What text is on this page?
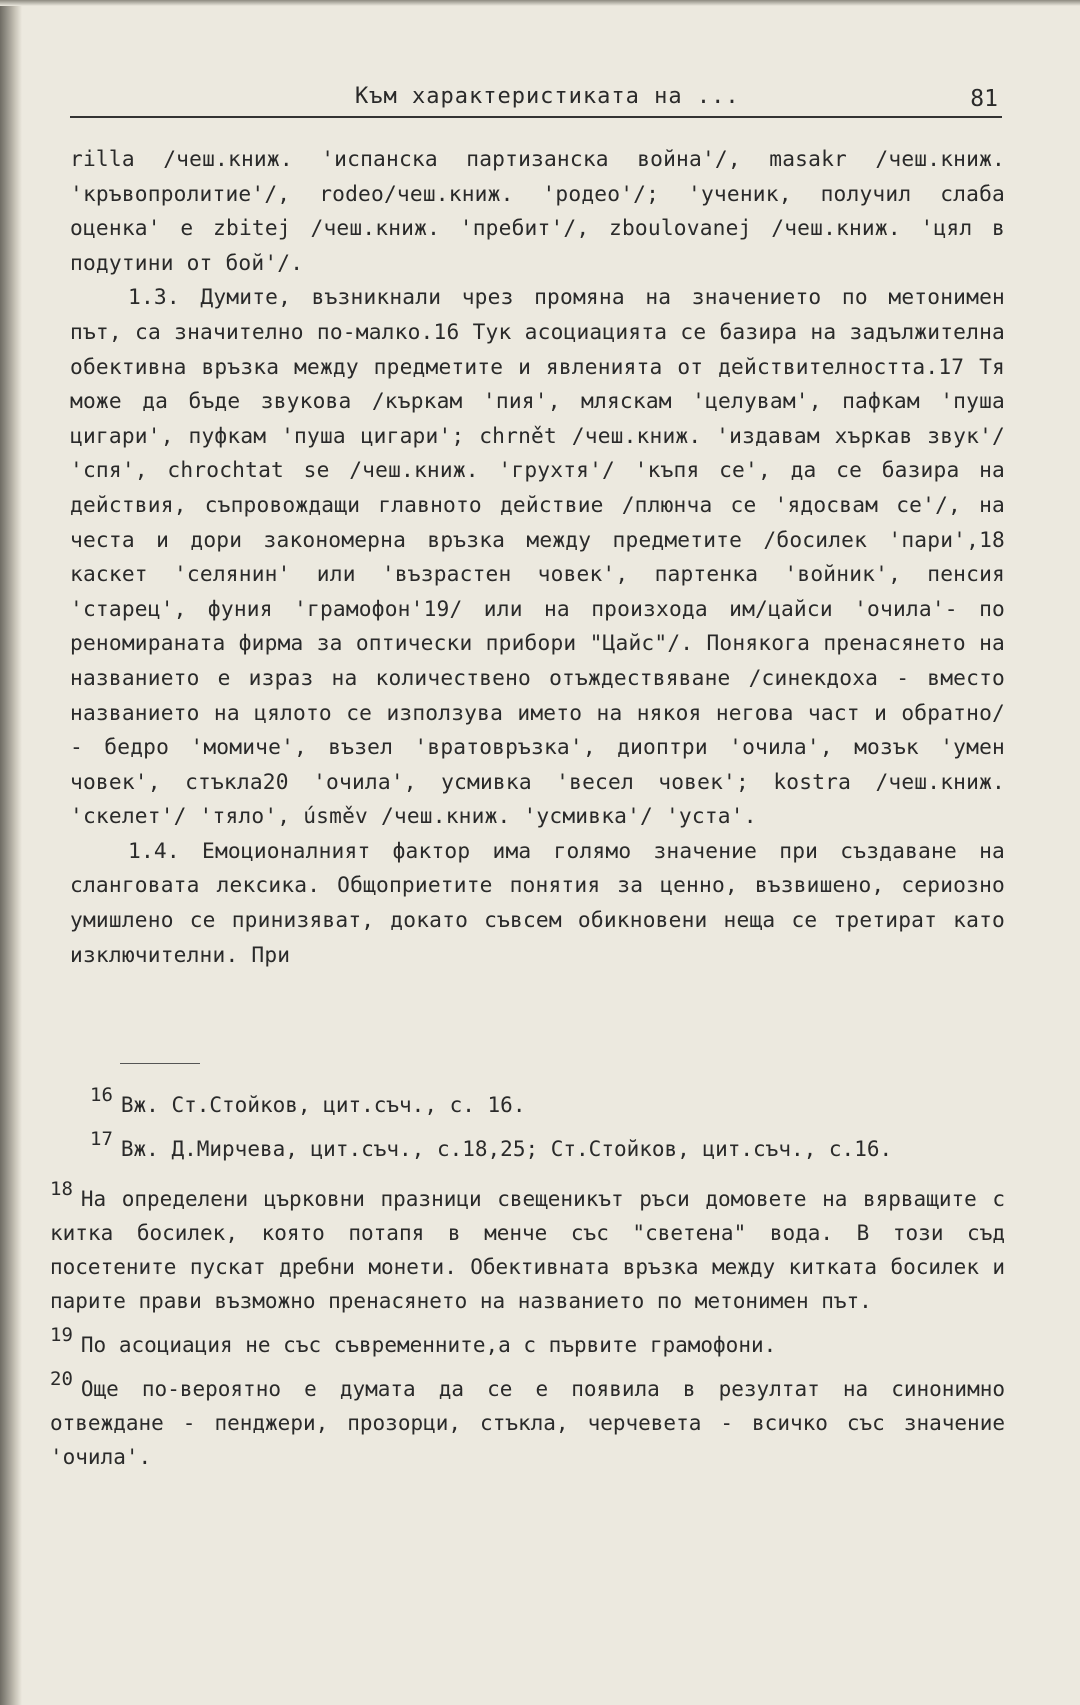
Към характеристиката на ...	81

rilla /чеш.книж. 'испанска партизанска война'/, masakr /чеш.книж. 'кръвопролитие'/, rodeo/чеш.книж. 'родео'/; 'ученик, получил слаба оценка' е zbitej /чеш.книж. 'пребит'/, zboulovanej /чеш.книж. 'цял в подутини от бой'/.

1.3. Думите, възникнали чрез промяна на значението по метонимен път, са значително по-малко.16 Тук асоциацията се базира на задължителна обективна връзка между предметите и явленията от действителността.17 Тя може да бъде звукова /къркам 'пия', мляскам 'целувам', пафкам 'пуша цигари', пуфкам 'пуша цигари'; chrnět /чеш.книж. 'издавам хъркав звук'/ 'спя', chrochtat se /чеш.книж. 'грухтя'/ 'къпя се', да се базира на действия, съпровождащи главното действие /плюнча се 'ядосвам се'/, на честа и дори закономерна връзка между предметите /босилек 'пари',18 каскет 'селянин' или 'възрастен човек', партенка 'войник', пенсия 'старец', фуния 'грамофон'19/ или на произхода им/цайси 'очила'- по реномираната фирма за оптически прибори "Цайс"/. Понякога пренасянето на названието е израз на количествено отъждествяване /синекдоха - вместо названието на цялото се използува името на някоя негова част и обратно/ - бедро 'момиче', възел 'вратовръзка', диоптри 'очила', мозък 'умен човек', стъкла20 'очила', усмивка 'весел човек'; kostra /чеш.книж. 'скелет'/ 'тяло', úsměv /чеш.книж. 'усмивка'/ 'уста'.

1.4. Емоционалният фактор има голямо значение при създаване на сланговата лексика. Общоприетите понятия за ценно, възвишено, сериозно умишлено се принизяват, докато съвсем обикновени неща се третират като изключителни. При

16 Вж. Ст.Стойков, цит.съч., с. 16.

17 Вж. Д.Мирчева, цит.съч., с.18,25; Ст.Стойков, цит.съч., с.16.

18 На определени църковни празници свещеникът ръси домовете на вярващите с китка босилек, която потапя в менче със "светена" вода. В този съд посетените пускат дребни монети. Обективната връзка между китката босилек и парите прави възможно пренасянето на названието по метонимен път.

19 По асоциация не със съвременните,а с първите грамофони.

20 Още по-вероятно е думата да се е появила в резултат на синонимно отвеждане - пенджери, прозорци, стъкла, черчевета - всичко със значение 'очила'.
